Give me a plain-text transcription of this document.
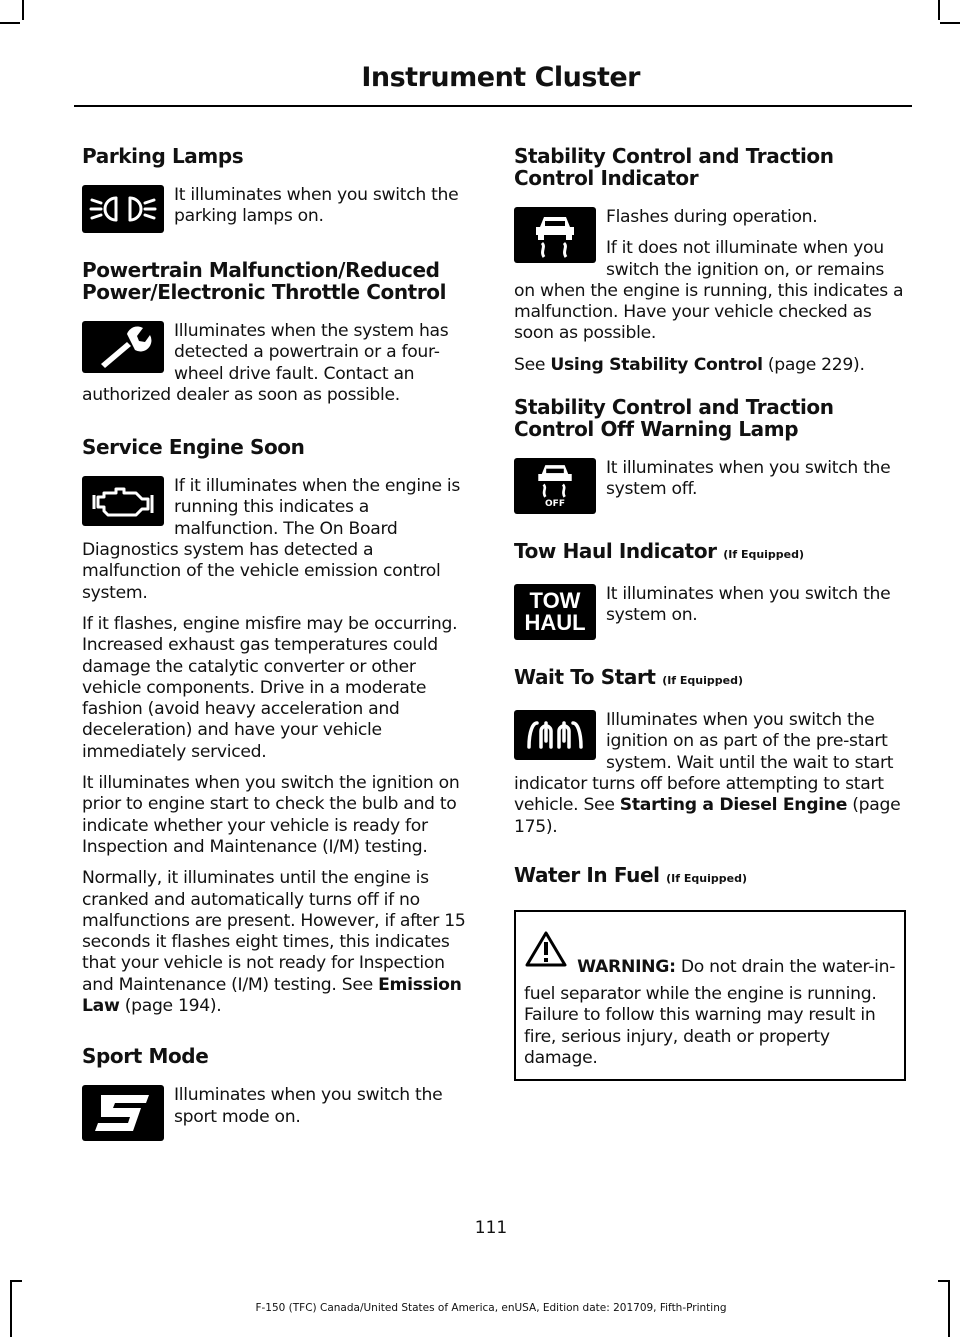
Instrument Cluster
Parking Lamps

It illuminates when you switch the parking lamps on.

Powertrain Malfunction/Reduced Power/Electronic Throttle Control

Illuminates when the system has detected a powertrain or a four-wheel drive fault. Contact an authorized dealer as soon as possible.

Service Engine Soon

If it illuminates when the engine is running this indicates a malfunction. The On Board Diagnostics system has detected a malfunction of the vehicle emission control system.

If it flashes, engine misfire may be occurring. Increased exhaust gas temperatures could damage the catalytic converter or other vehicle components. Drive in a moderate fashion (avoid heavy acceleration and deceleration) and have your vehicle immediately serviced.

It illuminates when you switch the ignition on prior to engine start to check the bulb and to indicate whether your vehicle is ready for Inspection and Maintenance (I/M) testing.

Normally, it illuminates until the engine is cranked and automatically turns off if no malfunctions are present. However, if after 15 seconds it flashes eight times, this indicates that your vehicle is not ready for Inspection and Maintenance (I/M) testing. See Emission Law (page 194).

Sport Mode

Illuminates when you switch the sport mode on.

Stability Control and Traction Control Indicator

Flashes during operation.

If it does not illuminate when you switch the ignition on, or remains on when the engine is running, this indicates a malfunction. Have your vehicle checked as soon as possible.

See Using Stability Control (page 229).

Stability Control and Traction Control Off Warning Lamp
OFF

It illuminates when you switch the system off.

Tow Haul Indicator (If Equipped)
TOW
HAUL

It illuminates when you switch the system on.

Wait To Start (If Equipped)

Illuminates when you switch the ignition on as part of the pre-start system. Wait until the wait to start indicator turns off before attempting to start vehicle. See Starting a Diesel Engine (page 175).

Water In Fuel (If Equipped)

WARNING: Do not drain the water-in-fuel separator while the engine is running. Failure to follow this warning may result in fire, serious injury, death or property damage.

111
F-150 (TFC) Canada/United States of America, enUSA, Edition date: 201709, Fifth-Printing
